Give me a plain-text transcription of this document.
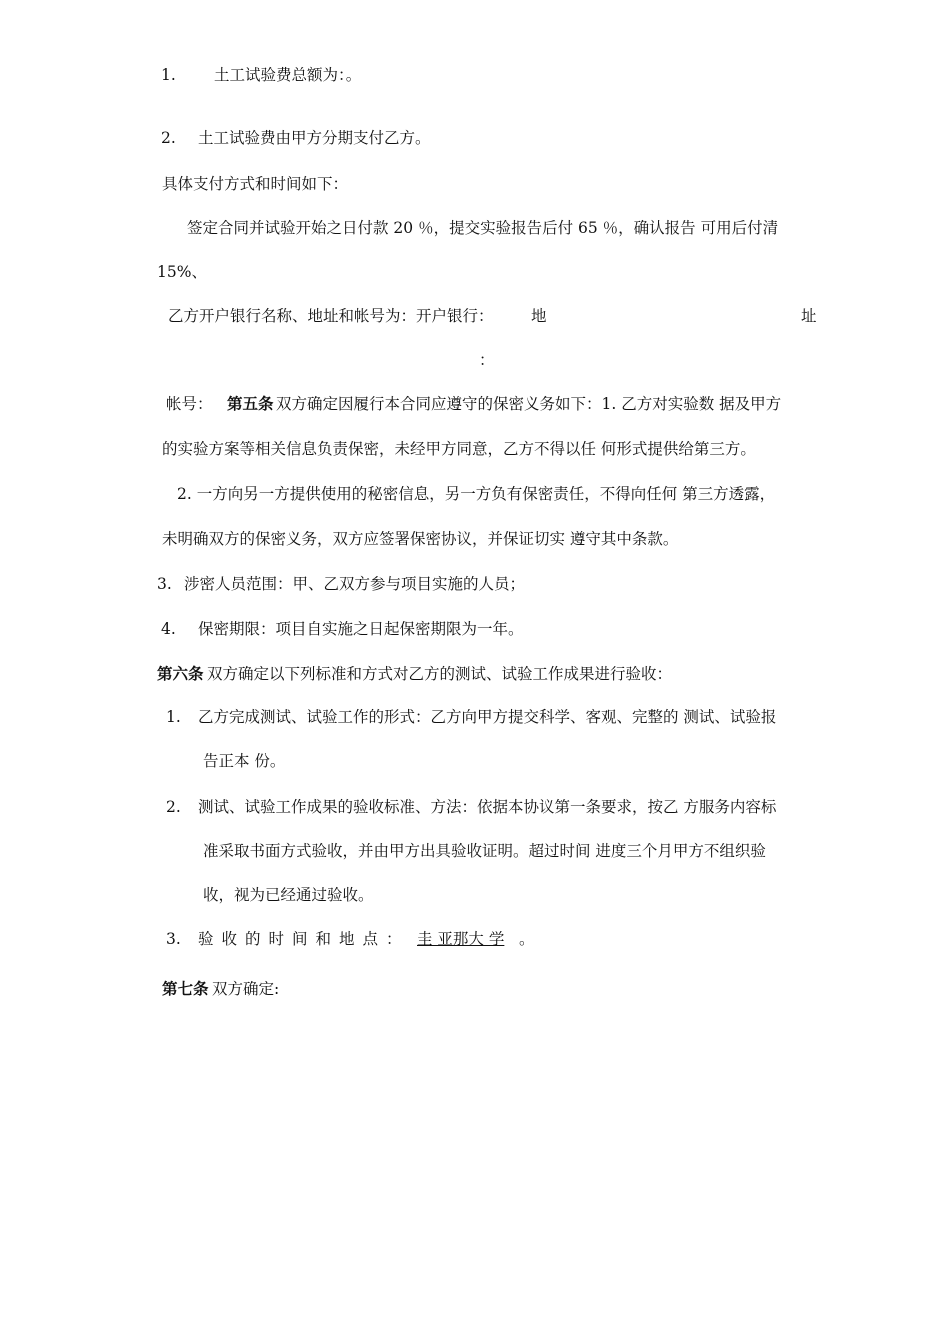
1. 土工试验费总额为：。
2. 土工试验费由甲方分期支付乙方。
具体支付方式和时间如下：
签定合同并试验开始之日付款 20 ％，提交实验报告后付 65 ％，确认报告 可用后付清
15%、
乙方开户银行名称、地址和帐号为：开户银行： 地	址
：
帐号： 第五条 双方确定因履行本合同应遵守的保密义务如下：1. 乙方对实验数 据及甲方
的实验方案等相关信息负责保密，未经甲方同意，乙方不得以任 何形式提供给第三方。
2. 一方向另一方提供使用的秘密信息，另一方负有保密责任，不得向任何 第三方透露，
未明确双方的保密义务，双方应签署保密协议，并保证切实 遵守其中条款。
3. 涉密人员范围：甲、乙双方参与项目实施的人员；
4. 保密期限：项目自实施之日起保密期限为一年。
第六条 双方确定以下列标准和方式对乙方的测试、试验工作成果进行验收：
1. 乙方完成测试、试验工作的形式：乙方向甲方提交科学、客观、完整的 测试、试验报
告正本 份。
2. 测试、试验工作成果的验收标准、方法：依据本协议第一条要求，按乙 方服务内容标
准采取书面方式验收，并由甲方出具验收证明。超过时间 进度三个月甲方不组织验
收，视为已经通过验收。
3. 验收的时间和地点： 圭 亚那大 学 。
第七条 双方确定:
